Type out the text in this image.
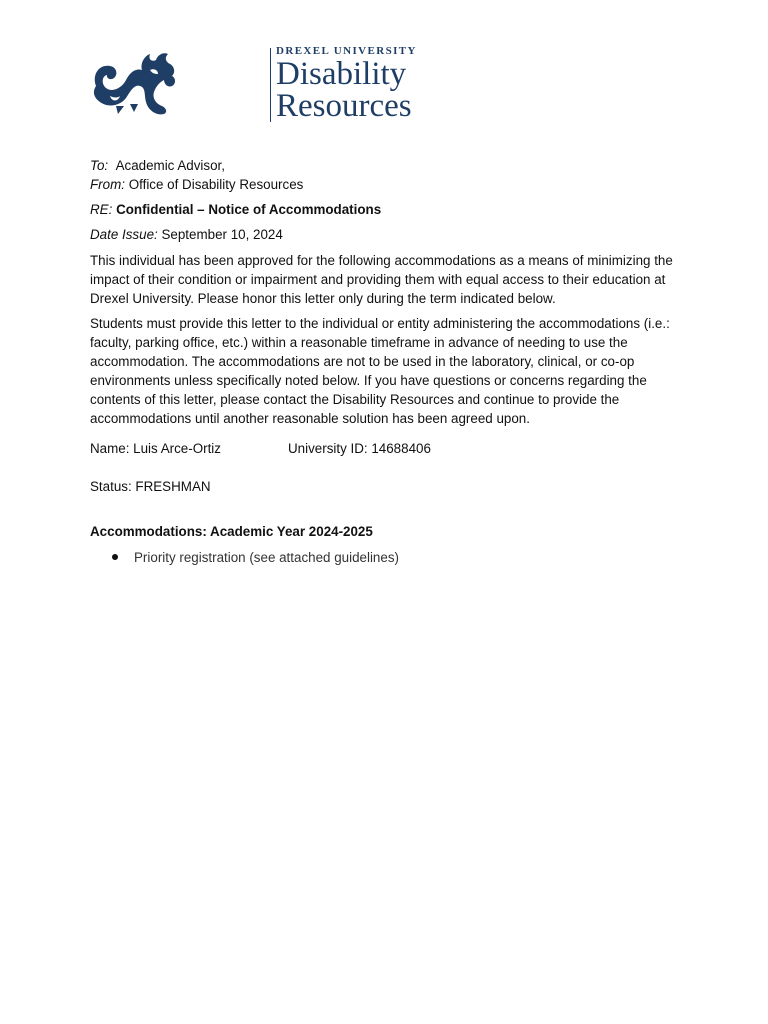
DREXEL UNIVERSITY
Disability
Resources
To: Academic Advisor,
From: Office of Disability Resources
RE: Confidential – Notice of Accommodations
Date Issue: September 10, 2024
This individual has been approved for the following accommodations as a means of minimizing the impact of their condition or impairment and providing them with equal access to their education at Drexel University. Please honor this letter only during the term indicated below.
Students must provide this letter to the individual or entity administering the accommodations (i.e.: faculty, parking office, etc.) within a reasonable timeframe in advance of needing to use the accommodation. The accommodations are not to be used in the laboratory, clinical, or co-op environments unless specifically noted below. If you have questions or concerns regarding the contents of this letter, please contact the Disability Resources and continue to provide the accommodations until another reasonable solution has been agreed upon.
Name: Luis Arce-Ortiz	University ID: 14688406
Status: FRESHMAN
Accommodations: Academic Year 2024-2025
Priority registration (see attached guidelines)
